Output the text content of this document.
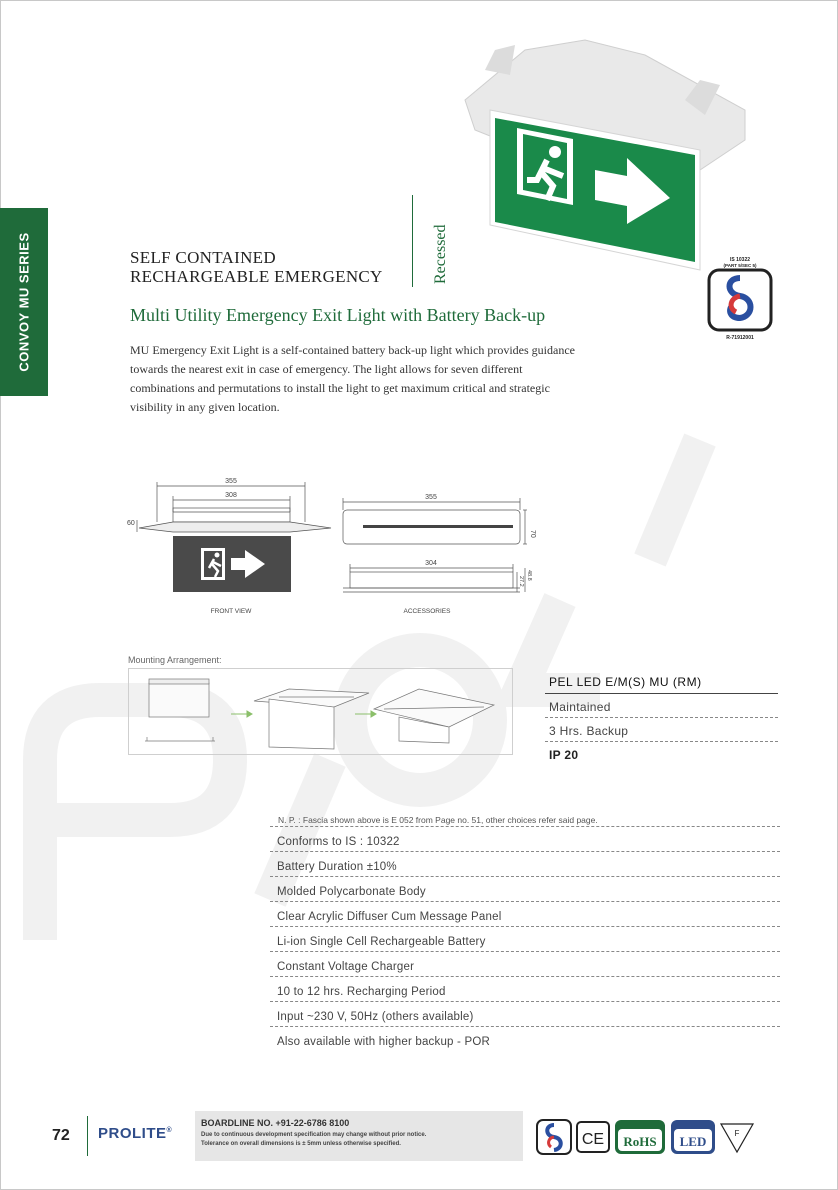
CONVOY MU SERIES	SELF CONTAINED
RECHARGEABLE EMERGENCY	Recessed	IS 10322
(PART 5/SEC 5)
R-71912001
Multi Utility Emergency Exit Light with Battery Back-up
MU Emergency Exit Light is a self-contained battery back-up light which provides guidance towards the nearest exit in case of emergency. The light allows for seven different combinations and permutations to install the light to get maximum critical and strategic visibility in any given location.
355
308
60
FRONT VIEW
355
70
304
27.2
48.8
ACCESSORIES
Mounting Arrangement:
PEL LED E/M(S) MU (RM)
Maintained
3 Hrs. Backup
IP 20
N. P. : Fascia shown above is E 052 from Page no. 51, other choices refer said page.
Conforms to IS : 10322
Battery Duration ±10%
Molded Polycarbonate Body
Clear Acrylic Diffuser Cum Message Panel
Li-ion Single Cell Rechargeable Battery
Constant Voltage Charger
10 to 12 hrs. Recharging Period
Input ~230 V, 50Hz (others available)
Also available with higher backup - POR
72 PROLITE®
BOARDLINE NO. +91-22-6786 8100
Due to continuous development specification may change without prior notice.
Tolerance on overall dimensions is ± 5mm unless otherwise specified.	CE RoHS LED
F
